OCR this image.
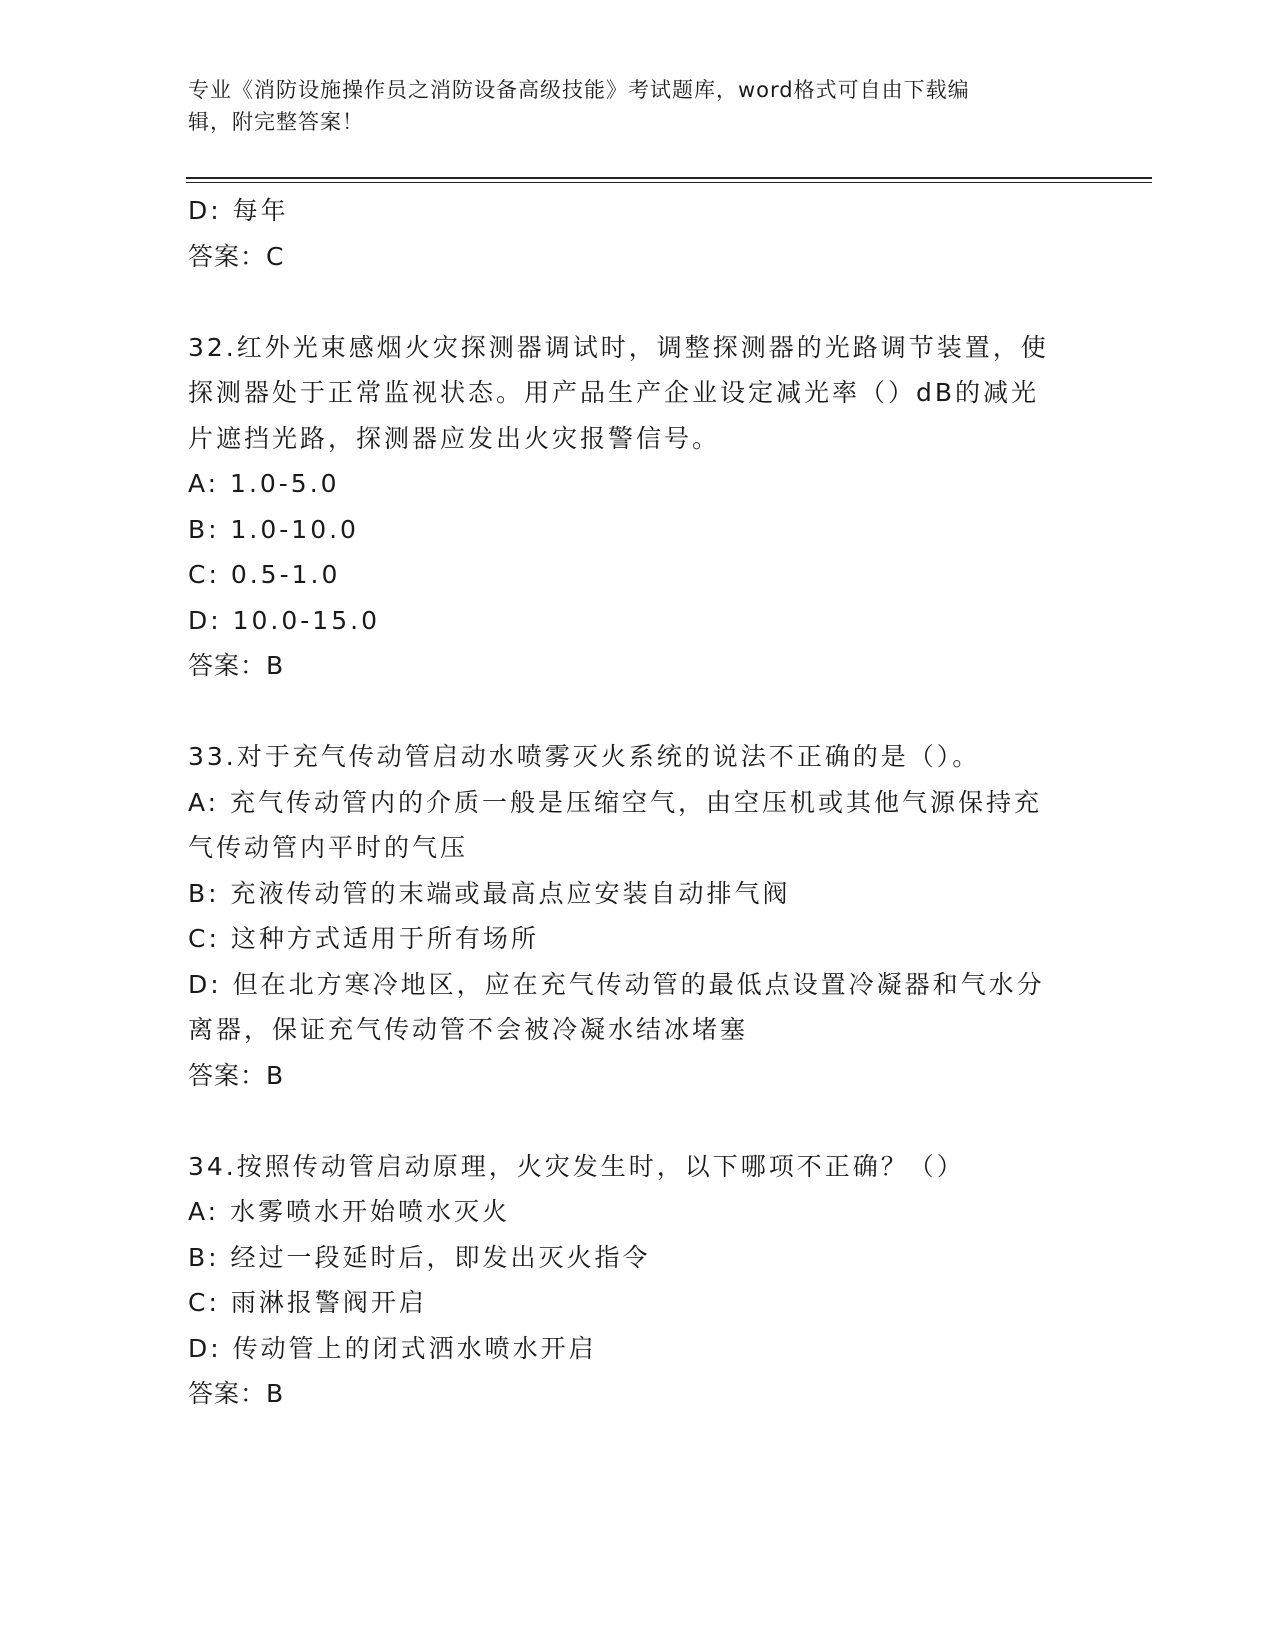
专业《消防设施操作员之消防设备高级技能》考试题库，word格式可自由下载编
辑，附完整答案！
D: 每年
答案：C
32.红外光束感烟火灾探测器调试时，调整探测器的光路调节装置，使
探测器处于正常监视状态。用产品生产企业设定减光率（）dB的减光
片遮挡光路，探测器应发出火灾报警信号。
A: 1.0-5.0
B: 1.0-10.0
C: 0.5-1.0
D: 10.0-15.0
答案：B
33.对于充气传动管启动水喷雾灭火系统的说法不正确的是（）。
A: 充气传动管内的介质一般是压缩空气，由空压机或其他气源保持充
气传动管内平时的气压
B: 充液传动管的末端或最高点应安装自动排气阀
C: 这种方式适用于所有场所
D: 但在北方寒冷地区，应在充气传动管的最低点设置冷凝器和气水分
离器，保证充气传动管不会被冷凝水结冰堵塞
答案：B
34.按照传动管启动原理，火灾发生时，以下哪项不正确？（）
A: 水雾喷水开始喷水灭火
B: 经过一段延时后，即发出灭火指令
C: 雨淋报警阀开启
D: 传动管上的闭式洒水喷水开启
答案：B
